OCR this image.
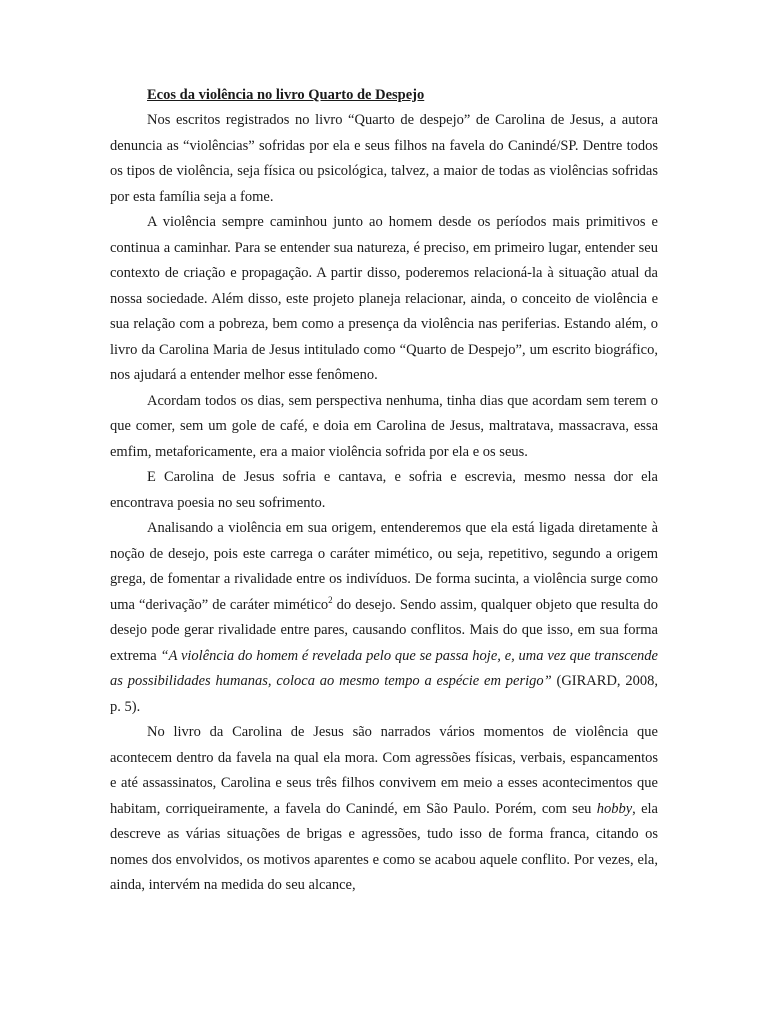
Ecos da violência no livro Quarto de Despejo

Nos escritos registrados no livro “Quarto de despejo” de Carolina de Jesus, a autora denuncia as “violências” sofridas por ela e seus filhos na favela do Canindé/SP. Dentre todos os tipos de violência, seja física ou psicológica, talvez, a maior de todas as violências sofridas por esta família seja a fome.

A violência sempre caminhou junto ao homem desde os períodos mais primitivos e continua a caminhar. Para se entender sua natureza, é preciso, em primeiro lugar, entender seu contexto de criação e propagação. A partir disso, poderemos relacioná-la à situação atual da nossa sociedade. Além disso, este projeto planeja relacionar, ainda, o conceito de violência e sua relação com a pobreza, bem como a presença da violência nas periferias. Estando além, o livro da Carolina Maria de Jesus intitulado como “Quarto de Despejo”, um escrito biográfico, nos ajudará a entender melhor esse fenômeno.

Acordam todos os dias, sem perspectiva nenhuma, tinha dias que acordam sem terem o que comer, sem um gole de café, e doia em Carolina de Jesus, maltratava, massacrava, essa emfim, metaforicamente, era a maior violência sofrida por ela e os seus.

E Carolina de Jesus sofria e cantava, e sofria e escrevia, mesmo nessa dor ela encontrava poesia no seu sofrimento.

Analisando a violência em sua origem, entenderemos que ela está ligada diretamente à noção de desejo, pois este carrega o caráter mimético, ou seja, repetitivo, segundo a origem grega, de fomentar a rivalidade entre os indivíduos. De forma sucinta, a violência surge como uma “derivação” de caráter mimético$^2$ do desejo. Sendo assim, qualquer objeto que resulta do desejo pode gerar rivalidade entre pares, causando conflitos. Mais do que isso, em sua forma extrema “A violência do homem é revelada pelo que se passa hoje, e, uma vez que transcende as possibilidades humanas, coloca ao mesmo tempo a espécie em perigo” (GIRARD, 2008, p. 5).

No livro da Carolina de Jesus são narrados vários momentos de violência que acontecem dentro da favela na qual ela mora. Com agressões físicas, verbais, espancamentos e até assassinatos, Carolina e seus três filhos convivem em meio a esses acontecimentos que habitam, corriqueiramente, a favela do Canindé, em São Paulo. Porém, com seu hobby, ela descreve as várias situações de brigas e agressões, tudo isso de forma franca, citando os nomes dos envolvidos, os motivos aparentes e como se acabou aquele conflito. Por vezes, ela, ainda, intervém na medida do seu alcance,
